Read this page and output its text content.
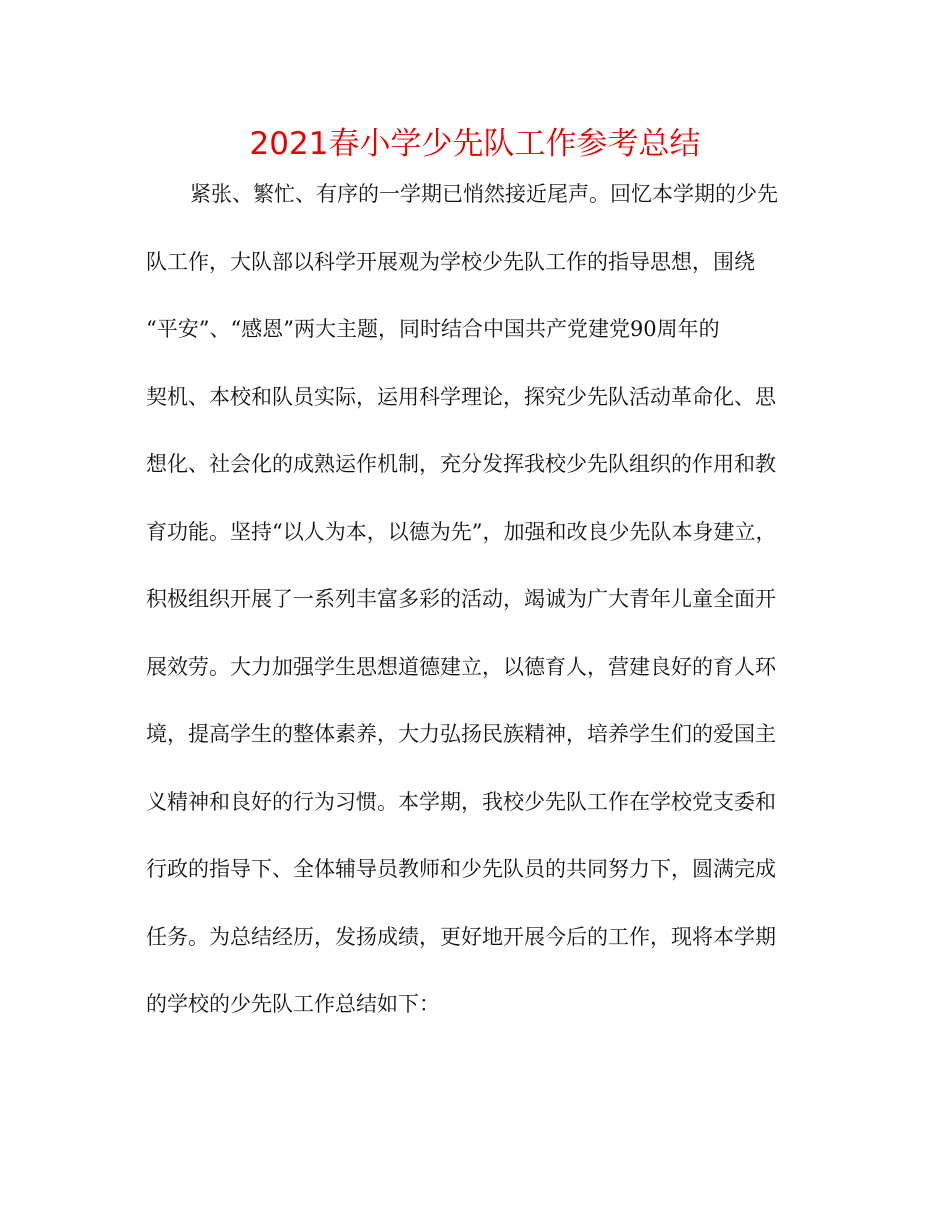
2021春小学少先队工作参考总结

紧张、繁忙、有序的一学期已悄然接近尾声。回忆本学期的少先
队工作，大队部以科学开展观为学校少先队工作的指导思想，围绕
“平安”、“感恩”两大主题，同时结合中国共产党建党90周年的
契机、本校和队员实际，运用科学理论，探究少先队活动革命化、思
想化、社会化的成熟运作机制，充分发挥我校少先队组织的作用和教
育功能。坚持“以人为本，以德为先”，加强和改良少先队本身建立，
积极组织开展了一系列丰富多彩的活动，竭诚为广大青年儿童全面开
展效劳。大力加强学生思想道德建立，以德育人，营建良好的育人环
境，提高学生的整体素养，大力弘扬民族精神，培养学生们的爱国主
义精神和良好的行为习惯。本学期，我校少先队工作在学校党支委和
行政的指导下、全体辅导员教师和少先队员的共同努力下，圆满完成
任务。为总结经历，发扬成绩，更好地开展今后的工作，现将本学期
的学校的少先队工作总结如下：
